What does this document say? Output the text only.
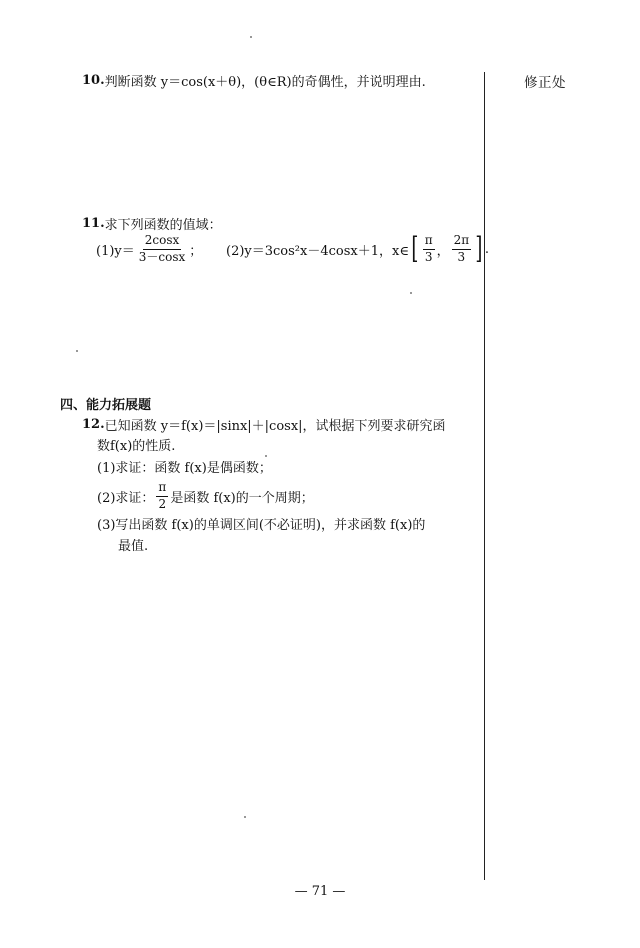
修正处
10. 判断函数 y＝cos(x＋θ)，(θ∈R)的奇偶性，并说明理由.
11. 求下列函数的值域：
$(1)y= \frac{2\cos x}{3-\cos x}$ ； (2)y＝3cos²x－4cosx＋1，x∈ [ $\frac{\pi}{3}$ ， $\frac{2\pi}{3}$ ] .
四、能力拓展题
12. 已知函数 y＝f(x)＝|sinx|＋|cosx|，试根据下列要求研究函
数f(x)的性质.
(1)求证：函数 f(x)是偶函数；
(2)求证： $\frac{\pi}{2}$ 是函数 f(x)的一个周期；
(3)写出函数 f(x)的单调区间(不必证明)，并求函数 f(x)的
最值.
— 71 —
